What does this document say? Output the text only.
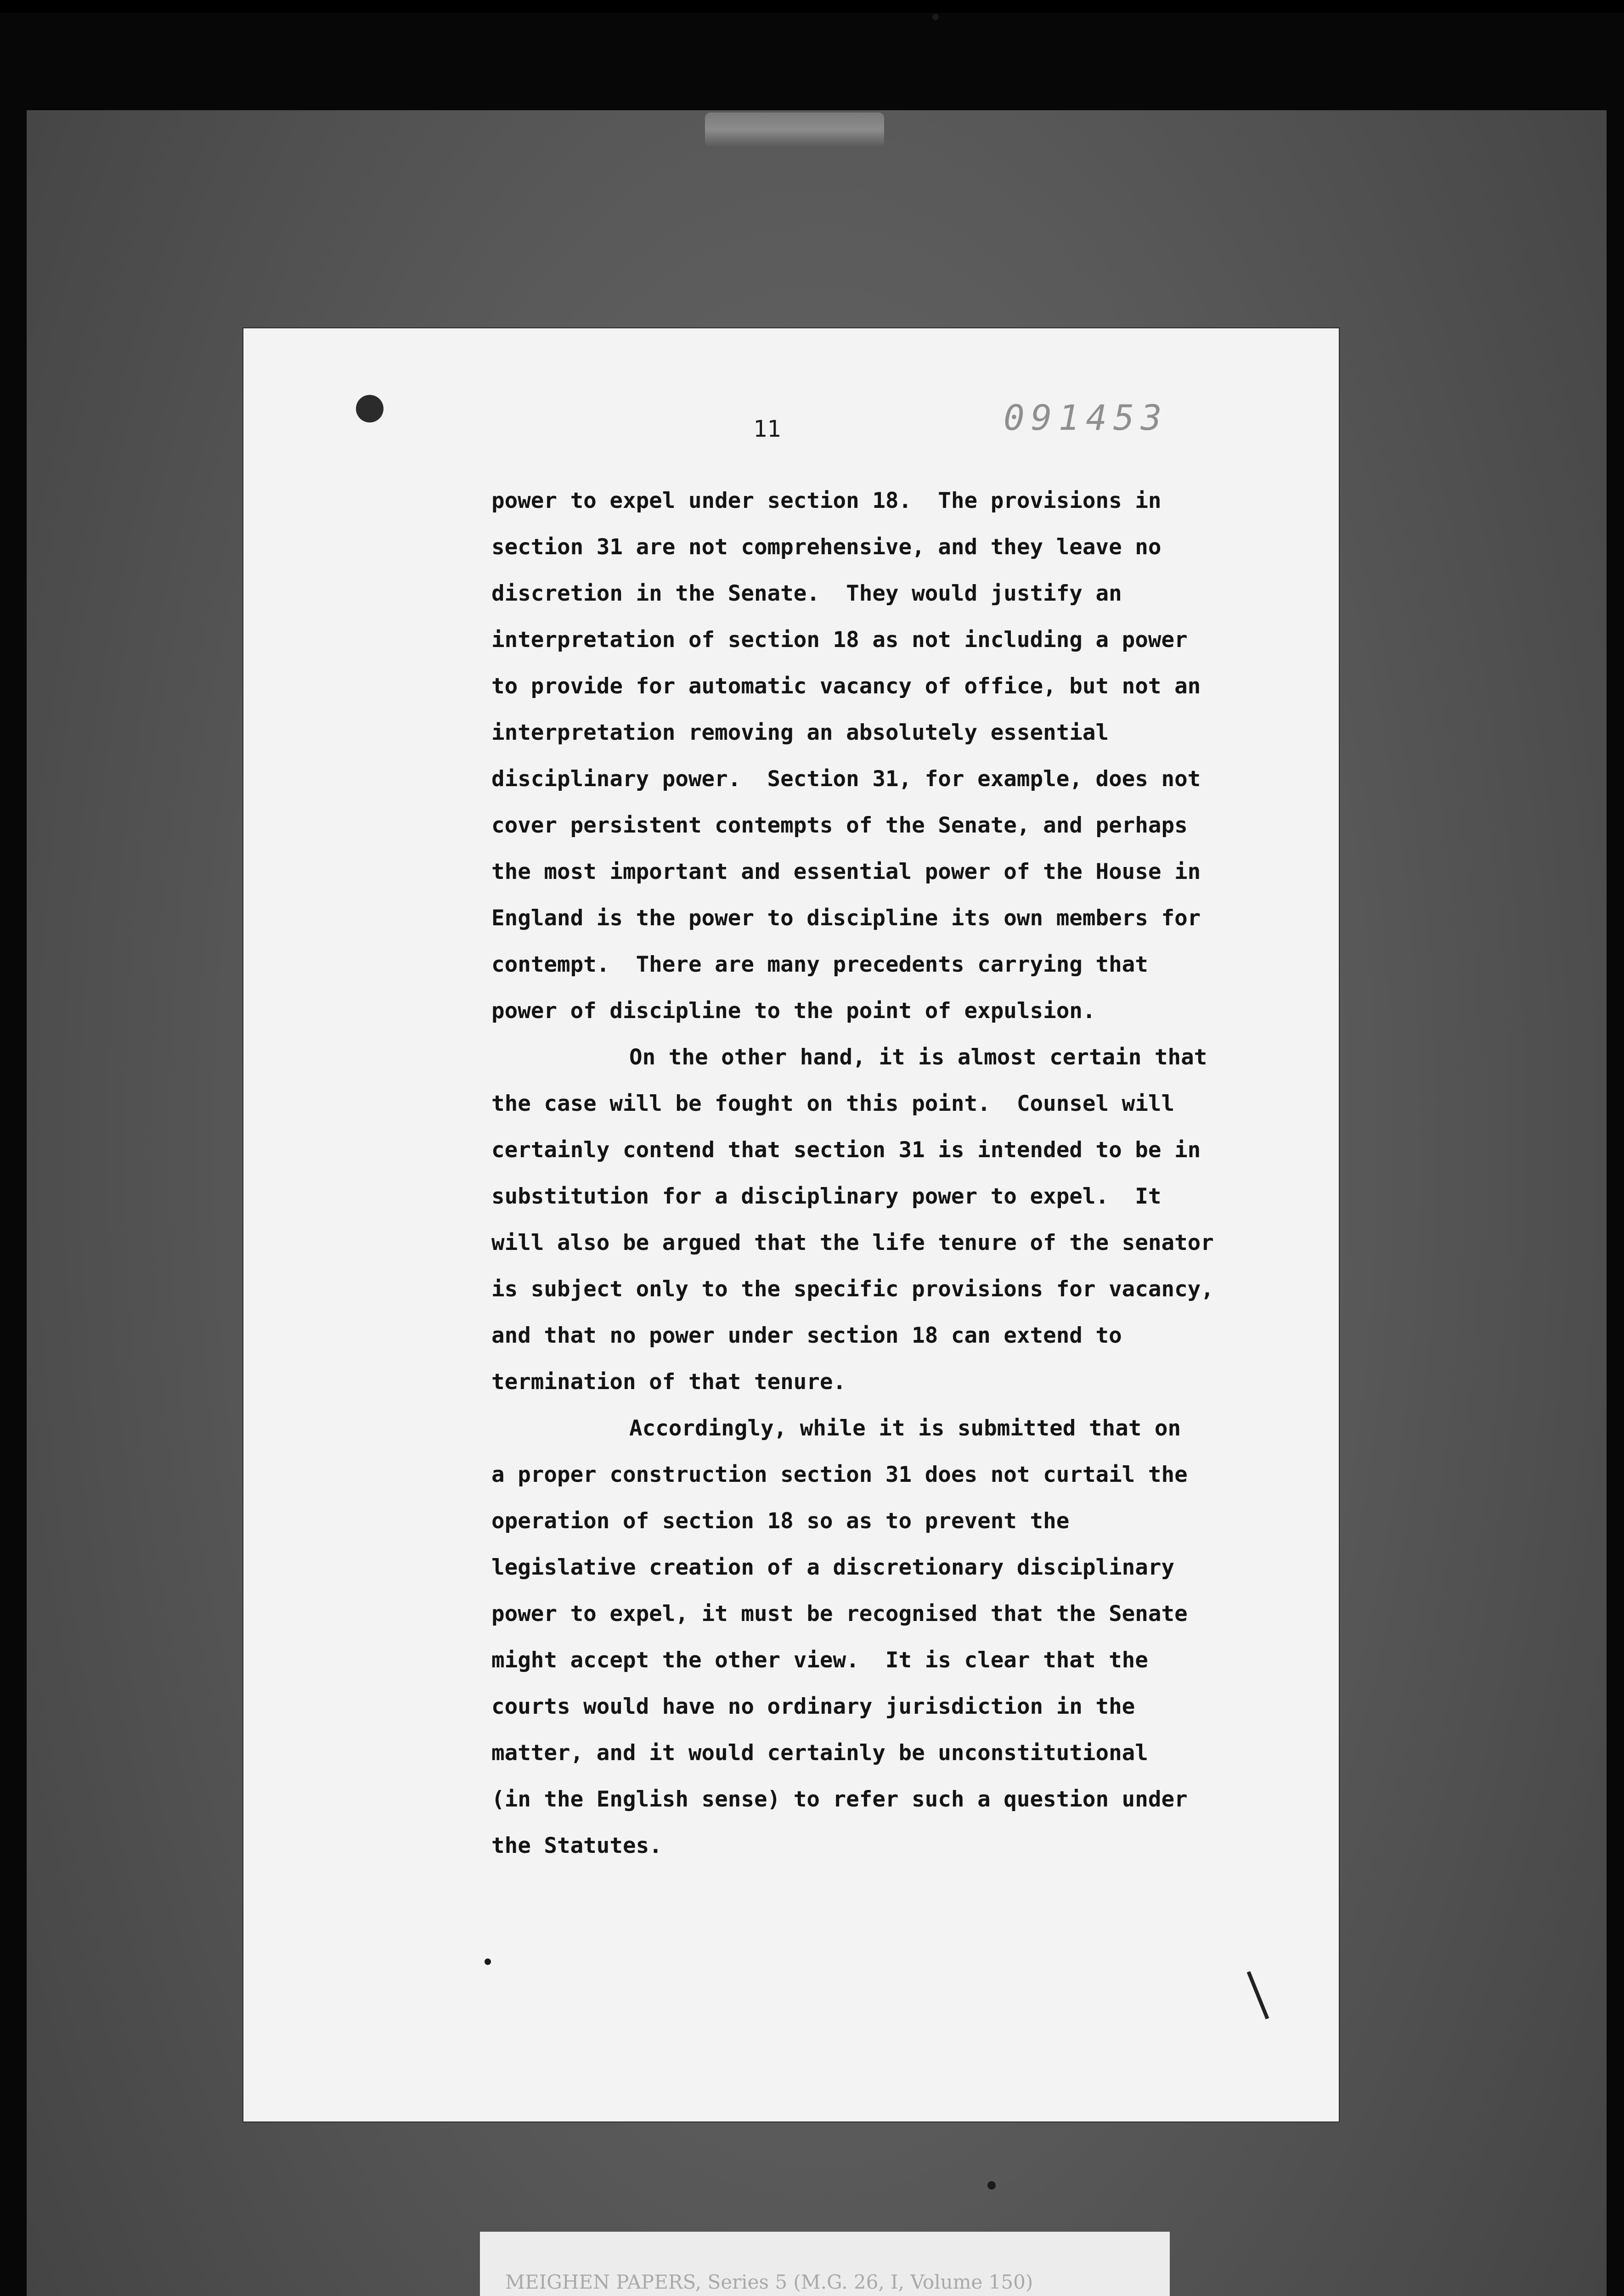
11	091453
power to expel under section 18.  The provisions in
section 31 are not comprehensive, and they leave no
discretion in the Senate.  They would justify an
interpretation of section 18 as not including a power
to provide for automatic vacancy of office, but not an
interpretation removing an absolutely essential
disciplinary power.  Section 31, for example, does not
cover persistent contempts of the Senate, and perhaps
the most important and essential power of the House in
England is the power to discipline its own members for
contempt.  There are many precedents carrying that
power of discipline to the point of expulsion.
On the other hand, it is almost certain that
the case will be fought on this point.  Counsel will
certainly contend that section 31 is intended to be in
substitution for a disciplinary power to expel.  It
will also be argued that the life tenure of the senator
is subject only to the specific provisions for vacancy,
and that no power under section 18 can extend to
termination of that tenure.
Accordingly, while it is submitted that on
a proper construction section 31 does not curtail the
operation of section 18 so as to prevent the
legislative creation of a discretionary disciplinary
power to expel, it must be recognised that the Senate
might accept the other view.  It is clear that the
courts would have no ordinary jurisdiction in the
matter, and it would certainly be unconstitutional
(in the English sense) to refer such a question under
the Statutes.
MEIGHEN PAPERS, Series 5 (M.G. 26, I, Volume 150)
